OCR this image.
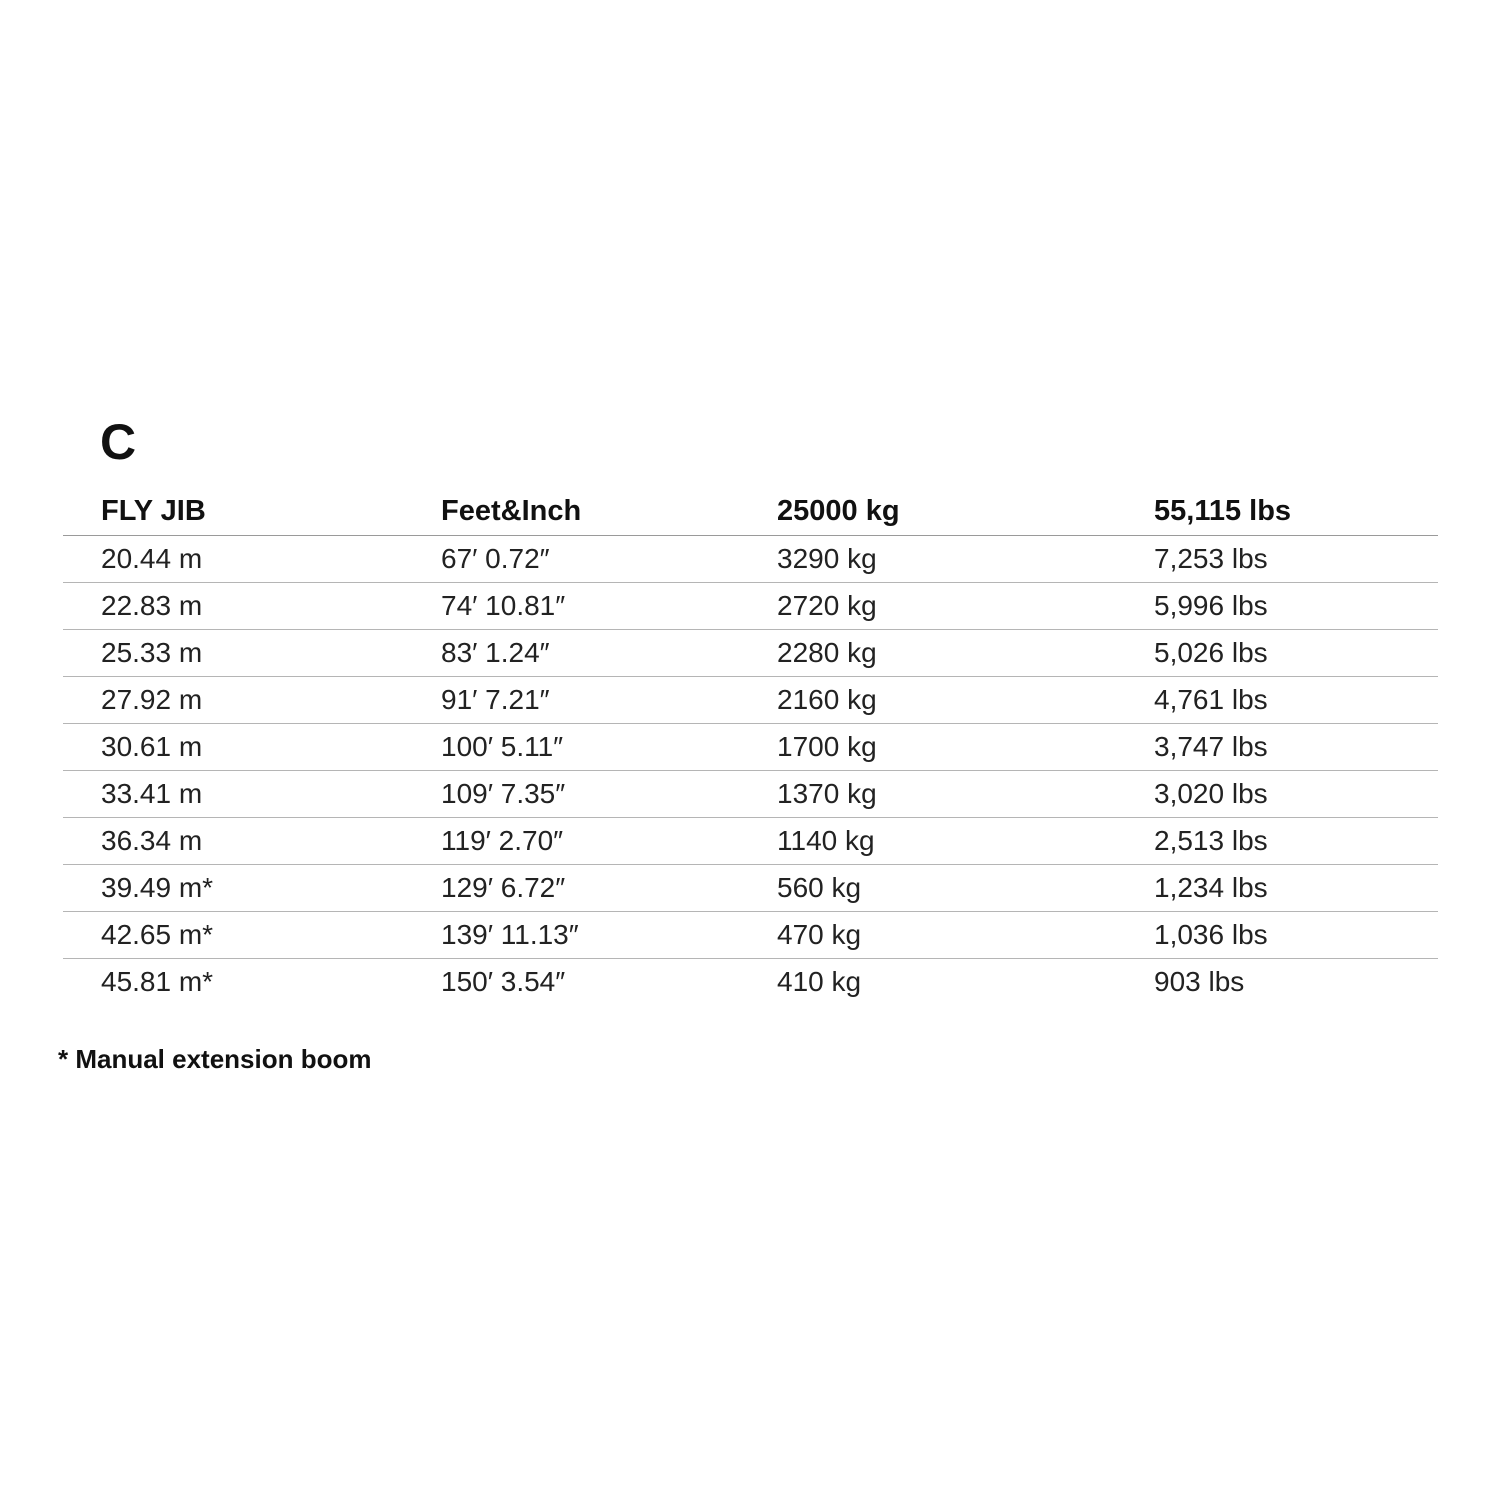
C
FLY JIB	Feet&Inch	25000 kg	55,115 lbs
20.44 m	67′ 0.72″	3290 kg	7,253 lbs
22.83 m	74′ 10.81″	2720 kg	5,996 lbs
25.33 m	83′ 1.24″	2280 kg	5,026 lbs
27.92 m	91′ 7.21″	2160 kg	4,761 lbs
30.61 m	100′ 5.11″	1700 kg	3,747 lbs
33.41 m	109′ 7.35″	1370 kg	3,020 lbs
36.34 m	119′ 2.70″	1140 kg	2,513 lbs
39.49 m*	129′ 6.72″	560 kg	1,234 lbs
42.65 m*	139′ 11.13″	470 kg	1,036 lbs
45.81 m*	150′ 3.54″	410 kg	903 lbs
* Manual extension boom
